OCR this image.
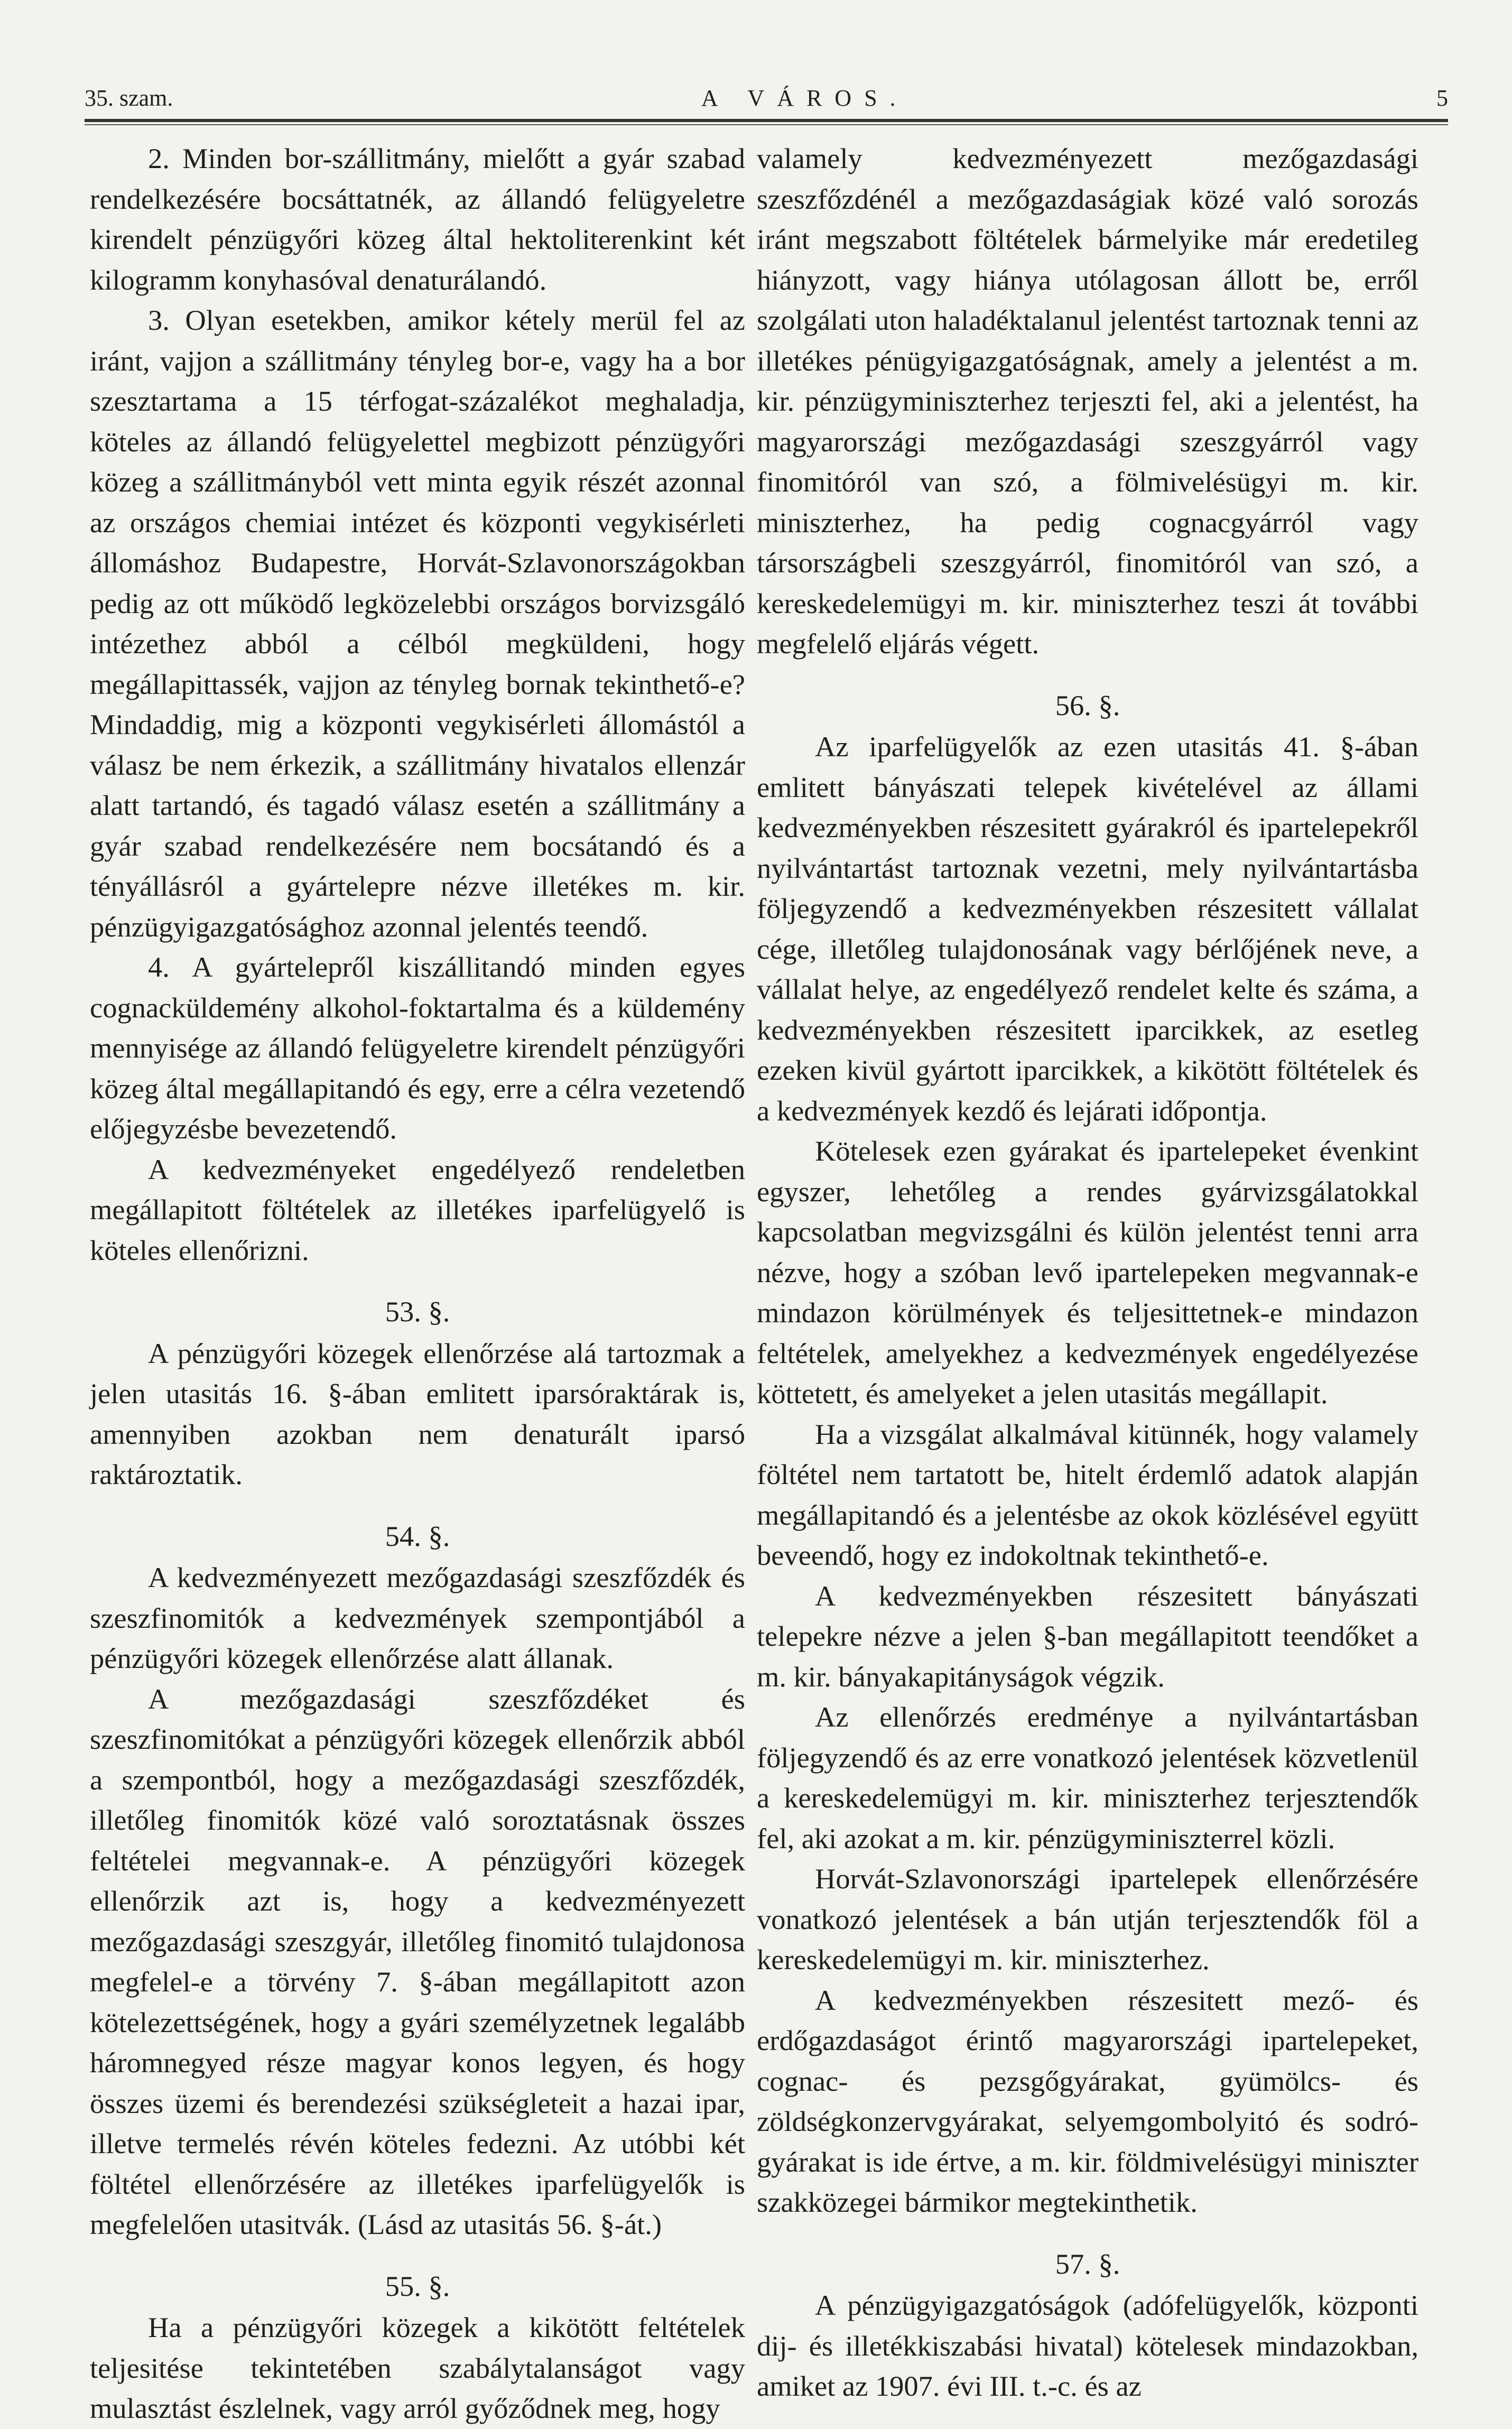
35. szam.	A VÁROS.	5

2. Minden bor-szállitmány, mielőtt a gyár szabad rendelkezésére bocsáttatnék, az állandó felügyeletre kirendelt pénzügyőri közeg által hektoliterenkint két kilogramm konyhasóval denaturálandó.

3. Olyan esetekben, amikor kétely merül fel az iránt, vajjon a szállitmány tényleg bor-e, vagy ha a bor szesztartama a 15 térfogat-százalékot meghaladja, köteles az állandó felügyelettel megbizott pénzügyőri közeg a szállitmányból vett minta egyik részét azonnal az országos chemiai intézet és központi vegykisérleti állomáshoz Budapestre, Horvát-Szlavonországokban pedig az ott működő legközelebbi országos borvizsgáló intézethez abból a célból megküldeni, hogy megállapittassék, vajjon az tényleg bornak tekinthető-e? Mindaddig, mig a központi vegykisérleti állomástól a válasz be nem érkezik, a szállitmány hivatalos ellenzár alatt tartandó, és tagadó válasz esetén a szállitmány a gyár szabad rendelkezésére nem bocsátandó és a tényállásról a gyártelepre nézve illetékes m. kir. pénzügyigazgatósághoz azonnal jelentés teendő.

4. A gyártelepről kiszállitandó minden egyes cognacküldemény alkohol-foktartalma és a küldemény mennyisége az állandó felügyeletre kirendelt pénzügyőri közeg által megállapitandó és egy, erre a célra vezetendő előjegyzésbe bevezetendő.

A kedvezményeket engedélyező rendeletben megállapitott föltételek az illetékes iparfelügyelő is köteles ellenőrizni.

53. §.

A pénzügyőri közegek ellenőrzése alá tartozmak a jelen utasitás 16. §-ában emlitett iparsóraktárak is, amennyiben azokban nem denaturált iparsó raktároztatik.

54. §.

A kedvezményezett mezőgazdasági szeszfőzdék és szeszfinomitók a kedvezmények szempontjából a pénzügyőri közegek ellenőrzése alatt állanak.

A mezőgazdasági szeszfőzdéket és szeszfinomitókat a pénzügyőri közegek ellenőrzik abból a szempontból, hogy a mezőgazdasági szeszfőzdék, illetőleg finomitók közé való soroztatásnak összes feltételei megvannak-e. A pénzügyőri közegek ellenőrzik azt is, hogy a kedvezményezett mezőgazdasági szeszgyár, illetőleg finomitó tulajdonosa megfelel-e a törvény 7. §-ában megállapitott azon kötelezettségének, hogy a gyári személyzetnek legalább háromnegyed része magyar konos legyen, és hogy összes üzemi és berendezési szükségleteit a hazai ipar, illetve termelés révén köteles fedezni. Az utóbbi két föltétel ellenőrzésére az illetékes iparfelügyelők is megfelelően utasitvák. (Lásd az utasitás 56. §-át.)

55. §.

Ha a pénzügyőri közegek a kikötött feltételek teljesitése tekintetében szabálytalanságot vagy mulasztást észlelnek, vagy arról győződnek meg, hogy

valamely kedvezményezett mezőgazdasági szeszfőzdénél a mezőgazdaságiak közé való sorozás iránt megszabott föltételek bármelyike már eredetileg hiányzott, vagy hiánya utólagosan állott be, erről szolgálati uton haladéktalanul jelentést tartoznak tenni az illetékes pénügyigazgatóságnak, amely a jelentést a m. kir. pénzügyminiszterhez terjeszti fel, aki a jelentést, ha magyarországi mezőgazdasági szeszgyárról vagy finomitóról van szó, a fölmivelésügyi m. kir. miniszterhez, ha pedig cognacgyárról vagy társországbeli szeszgyárról, finomitóról van szó, a kereskedelemügyi m. kir. miniszterhez teszi át további megfelelő eljárás végett.

56. §.

Az iparfelügyelők az ezen utasitás 41. §-ában emlitett bányászati telepek kivételével az állami kedvezményekben részesitett gyárakról és ipartelepekről nyilvántartást tartoznak vezetni, mely nyilvántartásba följegyzendő a kedvezményekben részesitett vállalat cége, illetőleg tulajdonosának vagy bérlőjének neve, a vállalat helye, az engedélyező rendelet kelte és száma, a kedvezményekben részesitett iparcikkek, az esetleg ezeken kivül gyártott iparcikkek, a kikötött föltételek és a kedvezmények kezdő és lejárati időpontja.

Kötelesek ezen gyárakat és ipartelepeket évenkint egyszer, lehetőleg a rendes gyárvizsgálatokkal kapcsolatban megvizsgálni és külön jelentést tenni arra nézve, hogy a szóban levő ipartelepeken megvannak-e mindazon körülmények és teljesittetnek-e mindazon feltételek, amelyekhez a kedvezmények engedélyezése köttetett, és amelyeket a jelen utasitás megállapit.

Ha a vizsgálat alkalmával kitünnék, hogy valamely föltétel nem tartatott be, hitelt érdemlő adatok alapján megállapitandó és a jelentésbe az okok közlésével együtt beveendő, hogy ez indokoltnak tekinthető-e.

A kedvezményekben részesitett bányászati telepekre nézve a jelen §-ban megállapitott teendőket a m. kir. bányakapitányságok végzik.

Az ellenőrzés eredménye a nyilvántartásban följegyzendő és az erre vonatkozó jelentések közvetlenül a kereskedelemügyi m. kir. miniszterhez terjesztendők fel, aki azokat a m. kir. pénzügyminiszterrel közli.

Horvát-Szlavonországi ipartelepek ellenőrzésére vonatkozó jelentések a bán utján terjesztendők föl a kereskedelemügyi m. kir. miniszterhez.

A kedvezményekben részesitett mező- és erdőgazdaságot érintő magyarországi ipartelepeket, cognac- és pezsgőgyárakat, gyümölcs- és zöldségkonzervgyárakat, selyemgombolyitó és sodró-gyárakat is ide értve, a m. kir. földmivelésügyi miniszter szakközegei bármikor megtekinthetik.

57. §.

A pénzügyigazgatóságok (adófelügyelők, központi dij- és illetékkiszabási hivatal) kötelesek mindazokban, amiket az 1907. évi III. t.-c. és az
